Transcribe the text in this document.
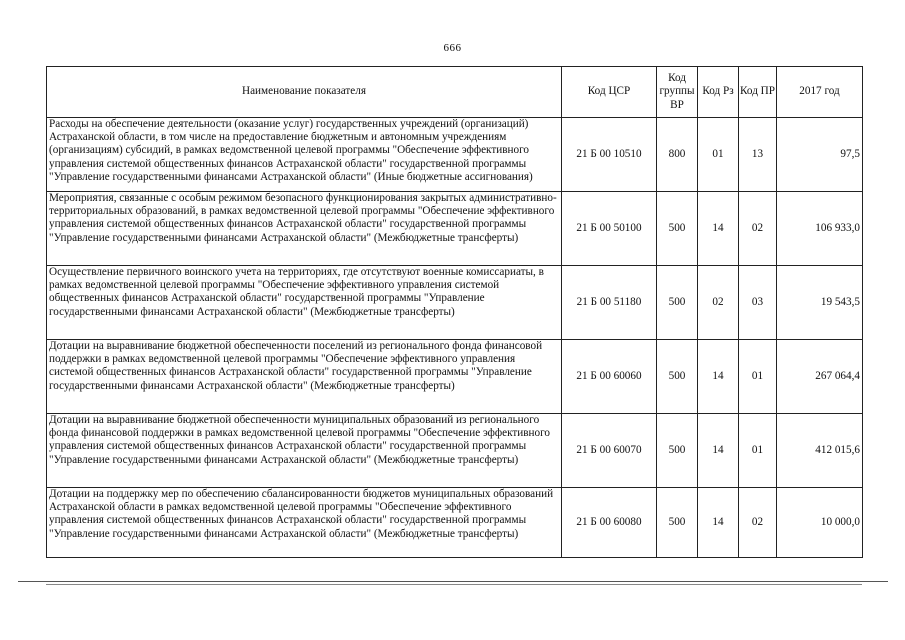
666
Наименование показателя	Код ЦСР	Код группы ВР	Код Рз	Код ПР	2017 год
Расходы на обеспечение деятельности (оказание услуг) государственных учреждений (организаций) Астраханской области, в том числе на предоставление бюджетным и автономным учреждениям (организациям) субсидий, в рамках ведомственной целевой программы "Обеспечение эффективного управления системой общественных финансов Астраханской области" государственной программы "Управление государственными финансами Астраханской области" (Иные бюджетные ассигнования)	21 Б 00 10510	800	01	13	97,5
Мероприятия, связанные с особым режимом безопасного функционирования закрытых административно-территориальных образований, в рамках ведомственной целевой программы "Обеспечение эффективного управления системой общественных финансов Астраханской области" государственной программы "Управление государственными финансами Астраханской области" (Межбюджетные трансферты)	21 Б 00 50100	500	14	02	106 933,0
Осуществление первичного воинского учета на территориях, где отсутствуют военные комиссариаты, в рамках ведомственной целевой программы "Обеспечение эффективного управления системой общественных финансов Астраханской области" государственной программы "Управление государственными финансами Астраханской области" (Межбюджетные трансферты)	21 Б 00 51180	500	02	03	19 543,5
Дотации на выравнивание бюджетной обеспеченности поселений из регионального фонда финансовой поддержки в рамках ведомственной целевой программы "Обеспечение эффективного управления системой общественных финансов Астраханской области" государственной программы "Управление государственными финансами Астраханской области" (Межбюджетные трансферты)	21 Б 00 60060	500	14	01	267 064,4
Дотации на выравнивание бюджетной обеспеченности муниципальных образований из регионального фонда финансовой поддержки в рамках ведомственной целевой программы "Обеспечение эффективного управления системой общественных финансов Астраханской области" государственной программы "Управление государственными финансами Астраханской области" (Межбюджетные трансферты)	21 Б 00 60070	500	14	01	412 015,6
Дотации на поддержку мер по обеспечению сбалансированности бюджетов муниципальных образований Астраханской области в рамках ведомственной целевой программы "Обеспечение эффективного управления системой общественных финансов Астраханской области" государственной программы "Управление государственными финансами Астраханской области" (Межбюджетные трансферты)	21 Б 00 60080	500	14	02	10 000,0
